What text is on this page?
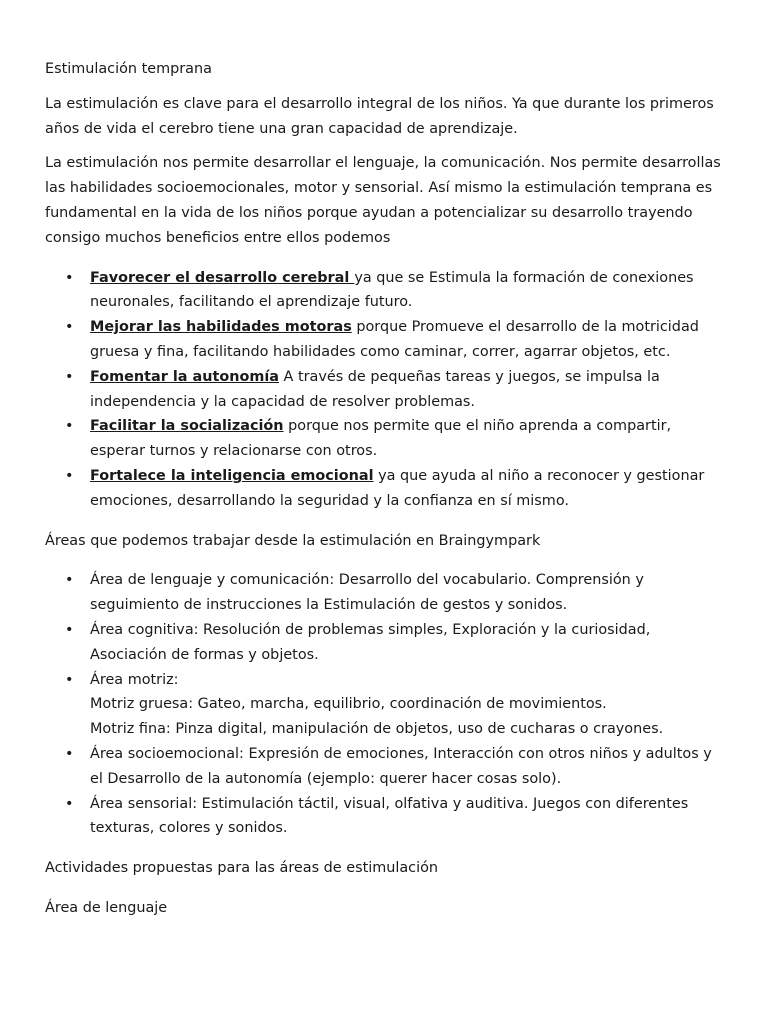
Estimulación temprana

La estimulación es clave para el desarrollo integral de los niños. Ya que durante los primeros años de vida el cerebro tiene una gran capacidad de aprendizaje.

La estimulación nos permite desarrollar el lenguaje, la comunicación. Nos permite desarrollas las habilidades socioemocionales, motor y sensorial. Así mismo la estimulación temprana es fundamental en la vida de los niños porque ayudan a potencializar su desarrollo trayendo consigo muchos beneficios entre ellos podemos

• Favorecer el desarrollo cerebral ya que se Estimula la formación de conexiones neuronales, facilitando el aprendizaje futuro.
• Mejorar las habilidades motoras porque Promueve el desarrollo de la motricidad gruesa y fina, facilitando habilidades como caminar, correr, agarrar objetos, etc.
• Fomentar la autonomía A través de pequeñas tareas y juegos, se impulsa la independencia y la capacidad de resolver problemas.
• Facilitar la socialización porque nos permite que el niño aprenda a compartir, esperar turnos y relacionarse con otros.
• Fortalece la inteligencia emocional ya que ayuda al niño a reconocer y gestionar emociones, desarrollando la seguridad y la confianza en sí mismo.

Áreas que podemos trabajar desde la estimulación en Braingympark

• Área de lenguaje y comunicación: Desarrollo del vocabulario. Comprensión y seguimiento de instrucciones la Estimulación de gestos y sonidos.
• Área cognitiva: Resolución de problemas simples, Exploración y la curiosidad, Asociación de formas y objetos.
• Área motriz:
Motriz gruesa: Gateo, marcha, equilibrio, coordinación de movimientos.
Motriz fina: Pinza digital, manipulación de objetos, uso de cucharas o crayones.
• Área socioemocional: Expresión de emociones, Interacción con otros niños y adultos y el Desarrollo de la autonomía (ejemplo: querer hacer cosas solo).
• Área sensorial: Estimulación táctil, visual, olfativa y auditiva. Juegos con diferentes texturas, colores y sonidos.

Actividades propuestas para las áreas de estimulación

Área de lenguaje
